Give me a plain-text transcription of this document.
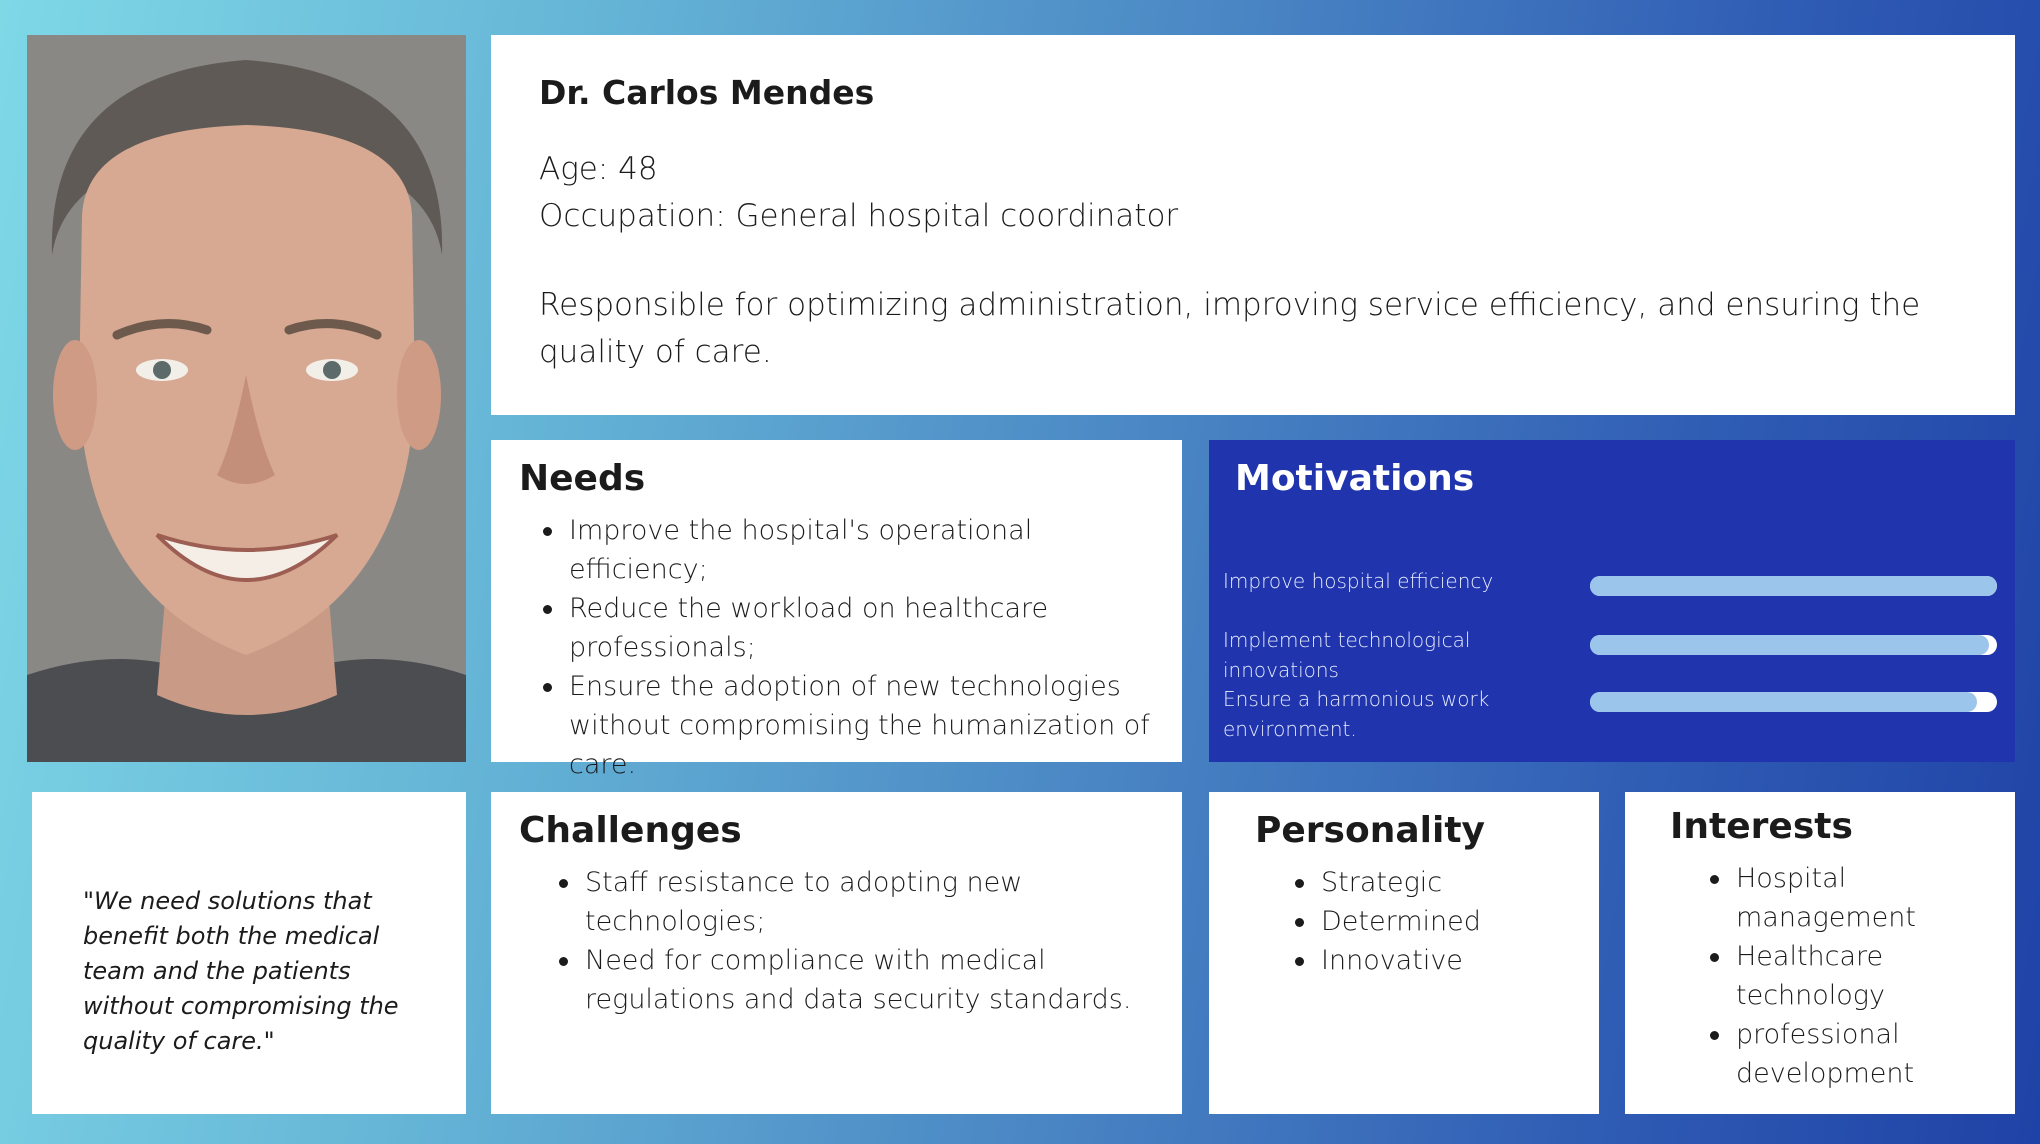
Dr. Carlos Mendes
Age: 48
Occupation: General hospital coordinator
Responsible for optimizing administration, improving service efficiency, and ensuring the quality of care.
Needs
Improve the hospital's operational efficiency;
Reduce the workload on healthcare professionals;
Ensure the adoption of new technologies without compromising the humanization of care.
Motivations
Improve hospital efficiency
Implement technological innovations
Ensure a harmonious work environment.
"We need solutions that benefit both the medical team and the patients without compromising the quality of care."
Challenges
Staff resistance to adopting new technologies;
Need for compliance with medical regulations and data security standards.
Personality
Strategic
Determined
Innovative
Interests
Hospital management
Healthcare technology
professional development
